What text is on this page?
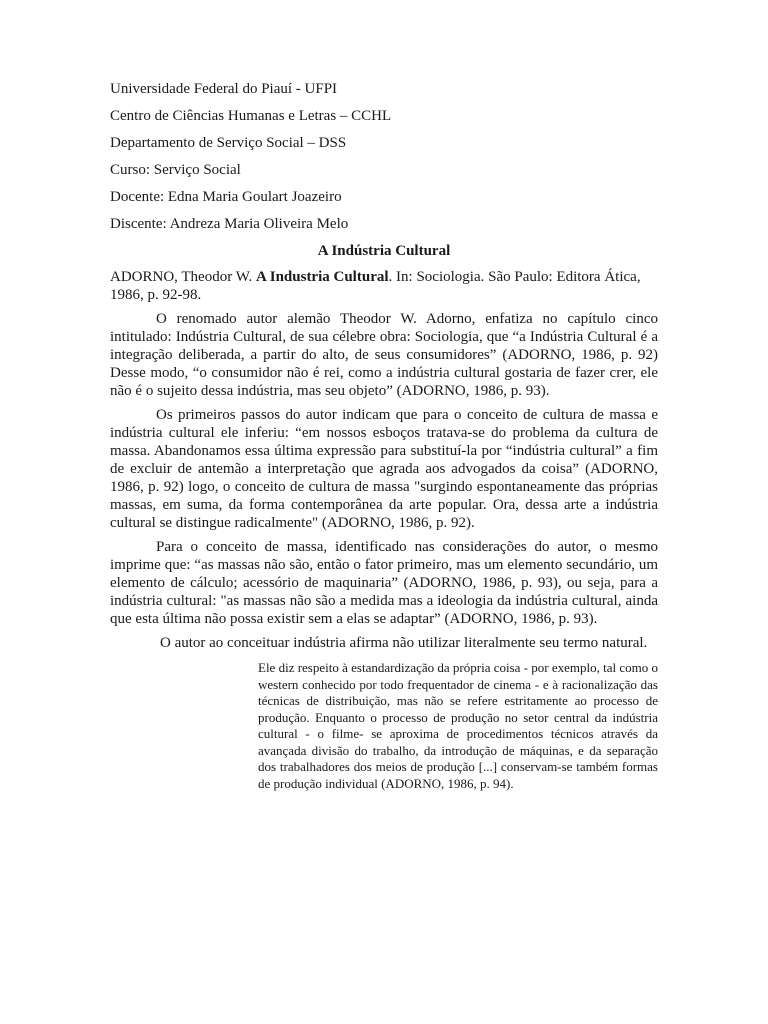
Universidade Federal do Piauí - UFPI
Centro de Ciências Humanas e Letras – CCHL
Departamento de Serviço Social – DSS
Curso: Serviço Social
Docente: Edna Maria Goulart Joazeiro
Discente: Andreza Maria Oliveira Melo
A Indústria Cultural
ADORNO, Theodor W. A Industria Cultural. In: Sociologia. São Paulo: Editora Ática, 1986, p. 92-98.

O renomado autor alemão Theodor W. Adorno, enfatiza no capítulo cinco intitulado: Indústria Cultural, de sua célebre obra: Sociologia, que “a Indústria Cultural é a integração deliberada, a partir do alto, de seus consumidores” (ADORNO, 1986, p. 92) Desse modo, “o consumidor não é rei, como a indústria cultural gostaria de fazer crer, ele não é o sujeito dessa indústria, mas seu objeto” (ADORNO, 1986, p. 93).

Os primeiros passos do autor indicam que para o conceito de cultura de massa e indústria cultural ele inferiu: “em nossos esboços tratava-se do problema da cultura de massa. Abandonamos essa última expressão para substituí-la por “indústria cultural” a fim de excluir de antemão a interpretação que agrada aos advogados da coisa” (ADORNO, 1986, p. 92) logo, o conceito de cultura de massa "surgindo espontaneamente das próprias massas, em suma, da forma contemporânea da arte popular. Ora, dessa arte a indústria cultural se distingue radicalmente" (ADORNO, 1986, p. 92).

Para o conceito de massa, identificado nas considerações do autor, o mesmo imprime que: “as massas não são, então o fator primeiro, mas um elemento secundário, um elemento de cálculo; acessório de maquinaria” (ADORNO, 1986, p. 93), ou seja, para a indústria cultural: "as massas não são a medida mas a ideologia da indústria cultural, ainda que esta última não possa existir sem a elas se adaptar” (ADORNO, 1986, p. 93).

O autor ao conceituar indústria afirma não utilizar literalmente seu termo natural.

Ele diz respeito à estandardização da própria coisa - por exemplo, tal como o western conhecido por todo frequentador de cinema - e à racionalização das técnicas de distribuição, mas não se refere estritamente ao processo de produção. Enquanto o processo de produção no setor central da indústria cultural - o filme- se aproxima de procedimentos técnicos através da avançada divisão do trabalho, da introdução de máquinas, e da separação dos trabalhadores dos meios de produção [...] conservam-se também formas de produção individual (ADORNO, 1986, p. 94).
